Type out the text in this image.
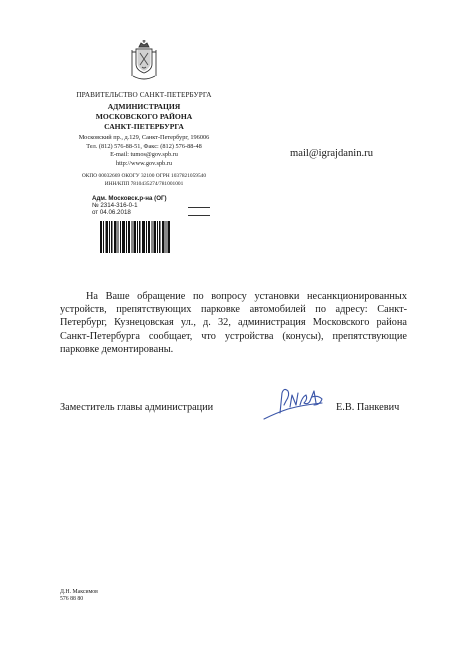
ПРАВИТЕЛЬСТВО САНКТ-ПЕТЕРБУРГА
АДМИНИСТРАЦИЯ
МОСКОВСКОГО РАЙОНА
САНКТ-ПЕТЕРБУРГА
Московский пр., д.129, Санкт-Петербург, 196006
Тел. (812) 576-88-51, Факс: (812) 576-88-48
E-mail: tumos@gov.spb.ru
http://www.gov.spb.ru
ОКПО 00032669 ОКОГУ 32100 ОГРН 1037821059540
ИНН/КПП 7810435274/781001001
Адм. Московск.р-на (ОГ)
№ 2314-316-0-1
от 04.06.2018
mail@igrajdanin.ru

На Ваше обращение по вопросу установки несанкционированных устройств, препятствующих парковке автомобилей по адресу: Санкт-Петербург, Кузнецовская ул., д. 32, администрация Московского района Санкт-Петербурга сообщает, что устройства (конусы), препятствующие парковке демонтированы.

Заместитель главы администрации	Е.В. Панкевич
Д.Н. Максимов
576 88 80
